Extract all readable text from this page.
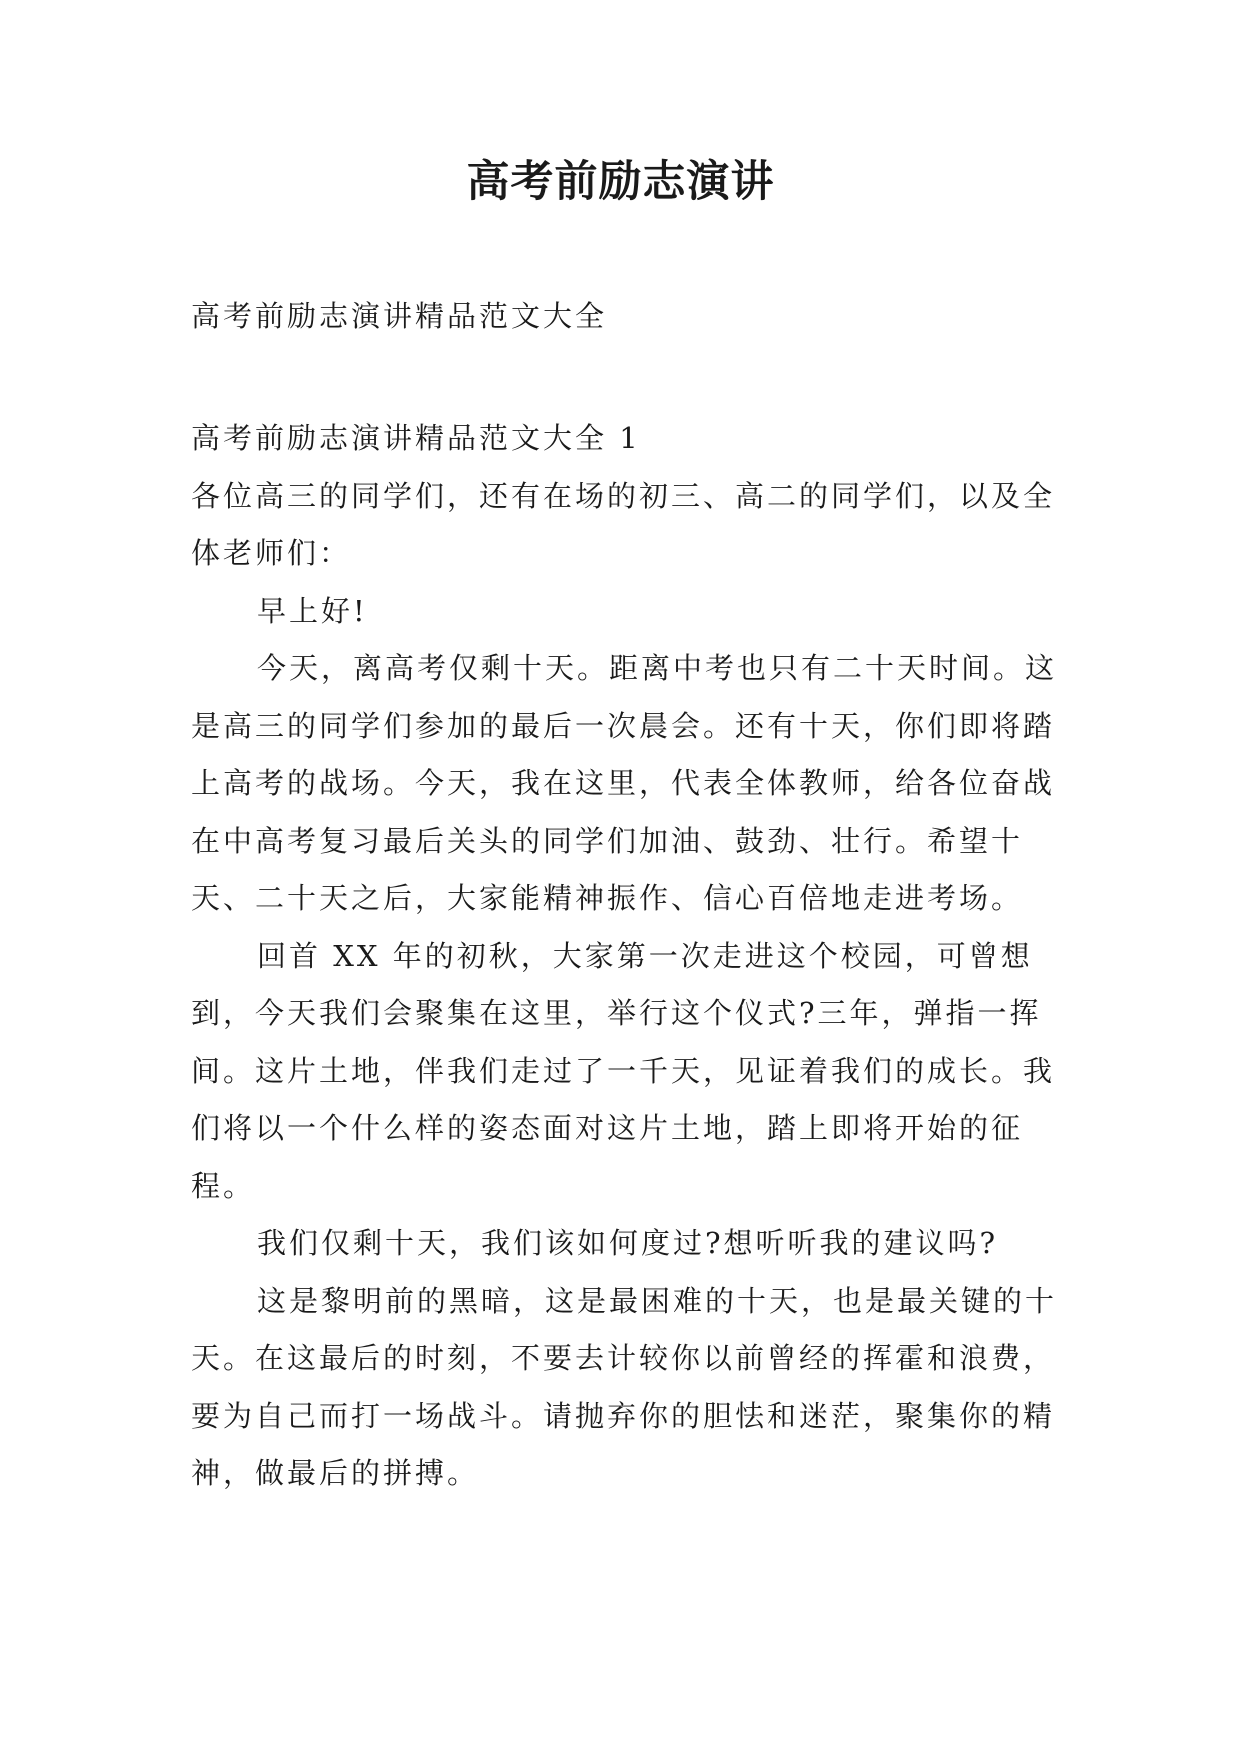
高考前励志演讲

高考前励志演讲精品范文大全

高考前励志演讲精品范文大全 1

各位高三的同学们，还有在场的初三、高二的同学们，以及全体老师们：

早上好!

今天，离高考仅剩十天。距离中考也只有二十天时间。这是高三的同学们参加的最后一次晨会。还有十天，你们即将踏上高考的战场。今天，我在这里，代表全体教师，给各位奋战在中高考复习最后关头的同学们加油、鼓劲、壮行。希望十天、二十天之后，大家能精神振作、信心百倍地走进考场。

回首 XX 年的初秋，大家第一次走进这个校园，可曾想到，今天我们会聚集在这里，举行这个仪式?三年，弹指一挥间。这片土地，伴我们走过了一千天，见证着我们的成长。我们将以一个什么样的姿态面对这片土地，踏上即将开始的征程。

我们仅剩十天，我们该如何度过?想听听我的建议吗?

这是黎明前的黑暗，这是最困难的十天，也是最关键的十天。在这最后的时刻，不要去计较你以前曾经的挥霍和浪费，要为自己而打一场战斗。请抛弃你的胆怯和迷茫，聚集你的精神，做最后的拼搏。
